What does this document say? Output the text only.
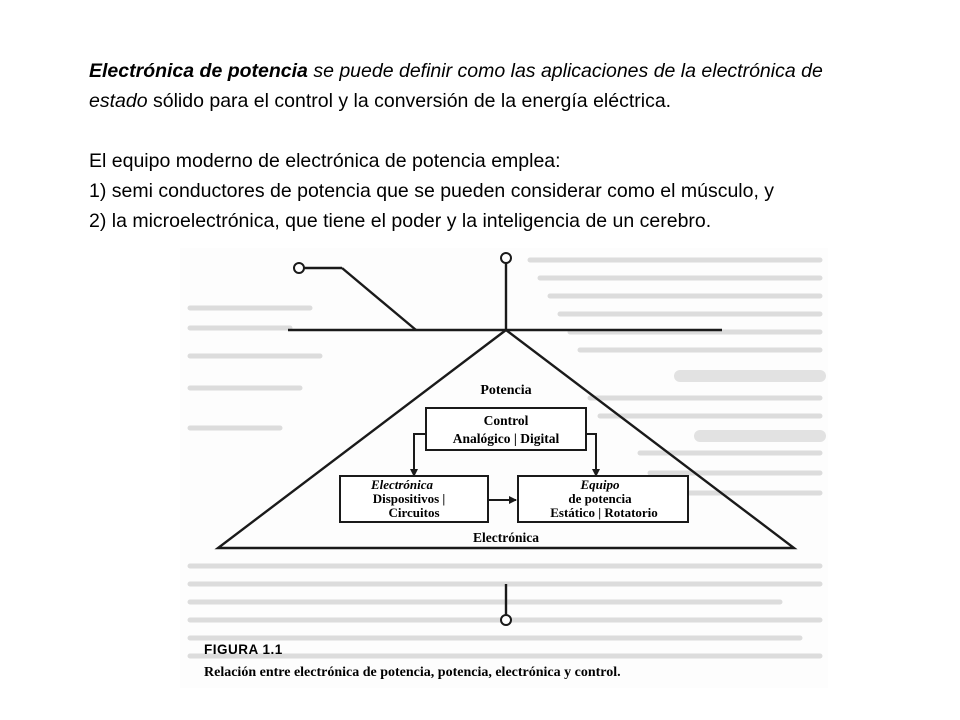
Electrónica de potencia se puede definir como las aplicaciones de la electrónica de estado sólido para el control y la conversión de la energía eléctrica.

El equipo moderno de electrónica de potencia emplea:

1) semi conductores de potencia que se pueden considerar como el músculo, y

2) la microelectrónica, que tiene el poder y la inteligencia de un cerebro.

Potencia
Control
Analógico | Digital
Electrónica
Dispositivos |
Circuitos
Equipo
de potencia
Estático | Rotatorio
Electrónica
FIGURA 1.1
Relación entre electrónica de potencia, potencia, electrónica y control.
